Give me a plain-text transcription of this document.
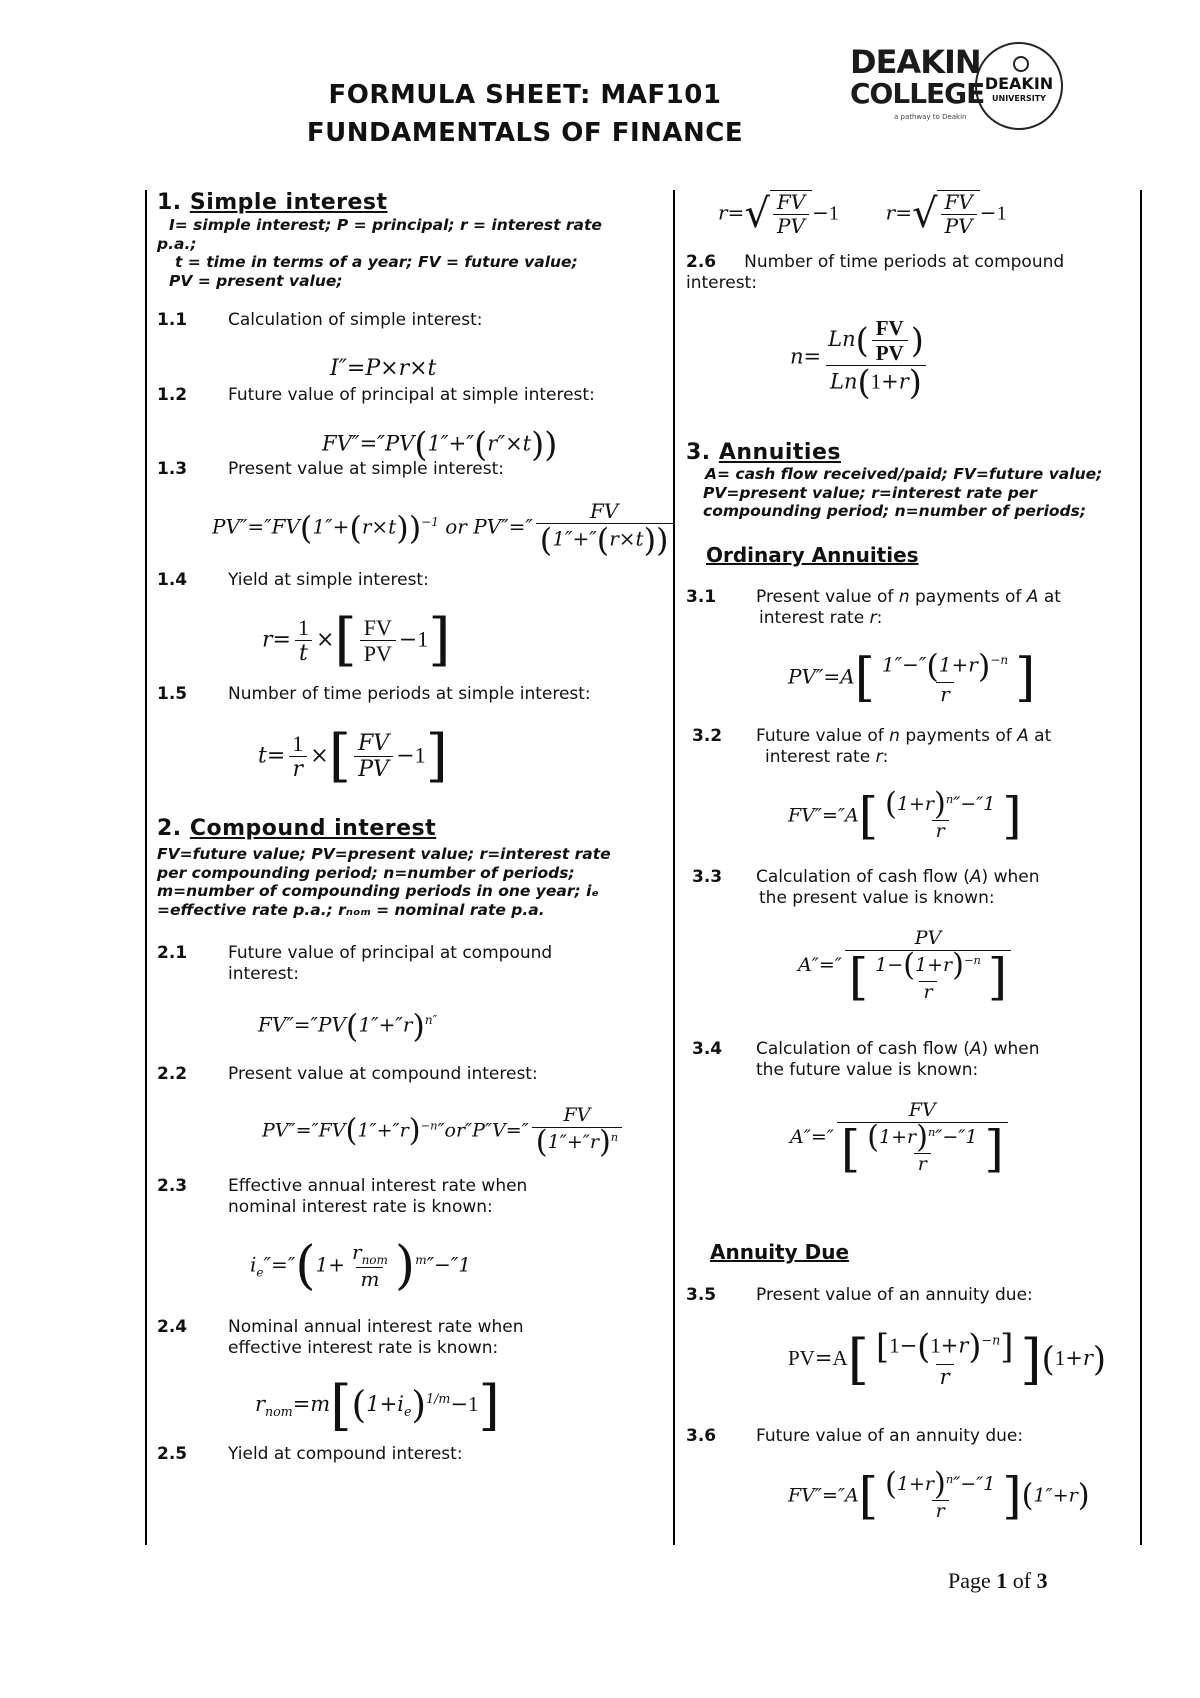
FORMULA SHEET: MAF101
FUNDAMENTALS OF FINANCE
DEAKIN
COLLEGE
a pathway to Deakin
DEAKIN
UNIVERSITY
1. Simple interest
I= simple interest; P = principal; r = interest rate
p.a.;
t = time in terms of a year; FV = future value;
PV = present value;
1.1 Calculation of simple interest:
I″=P×r×t
1.2 Future value of principal at simple interest:
FV″=″PV(1″+″(r″×t))
1.3 Present value at simple interest:
$PV''=''FV(1''+(r\times t))^{-1}$ or $PV''='' \frac{FV}{(1''+''(r\times t))}$
1.4 Yield at simple interest:
$r= \frac{1}{t}$ ×[ $\frac{FV}{PV} -1$]
1.5 Number of time periods at simple interest:
$t= \frac{1}{r}$ ×[ $\frac{FV}{PV} -1$]
2. Compound interest
FV=future value; PV=present value; r=interest rate
per compounding period; n=number of periods;
m=number of compounding periods in one year; iₑ
=effective rate p.a.; rₙₒₘ = nominal rate p.a.
2.1 Future value of principal at compound
interest:
$FV''=''PV(1''+''r)^{n''}$
2.2 Present value at compound interest:
$PV''=''FV(1''+''r)^{-n}''or''P''V='' \frac{FV}{(1''+''r)^n}$
2.3 Effective annual interest rate when
nominal interest rate is known:
$i_e''=''(1+ \frac{r_{nom}}{m} )^m''-''1$
2.4 Nominal annual interest rate when
effective interest rate is known:
$r_{nom}=m[(1+i_e)^{1/m}-1]$
2.5 Yield at compound interest:
r= √ $\frac{FV}{PV} -1$  r= √ $\frac{FV}{PV} -1$
2.6 Number of time periods at compound
interest:
$n= \frac{Ln( \frac{FV}{PV} )}{Ln(1+r)}$
3. Annuities
A= cash flow received/paid; FV=future value;
PV=present value; r=interest rate per
compounding period; n=number of periods;
Ordinary Annuities
3.1 Present value of n payments of A at
interest rate r:
$PV''=A[ \frac{1''-''(1+r)^{-n}}{r}$ ]
3.2 Future value of n payments of A at
interest rate r:
$FV''=''A[ \frac{(1+r)^n''-''1}{r}$ ]
3.3 Calculation of cash flow (A) when
the present value is known:
$A''='' \frac{PV}{[ \frac{1-(1+r)^{-n}}{r} ]}$
3.4 Calculation of cash flow (A) when
the future value is known:
$A''='' \frac{FV}{[ \frac{(1+r)^n''-''1}{r} ]}$
Annuity Due
3.5 Present value of an annuity due:
$PV=A[ \frac{[1-(1+r)^{-n}]}{r} ](1+r)$
3.6 Future value of an annuity due:
$FV''=''A[ \frac{(1+r)^n''-''1}{r} ](1''+r)$
Page 1 of 3
